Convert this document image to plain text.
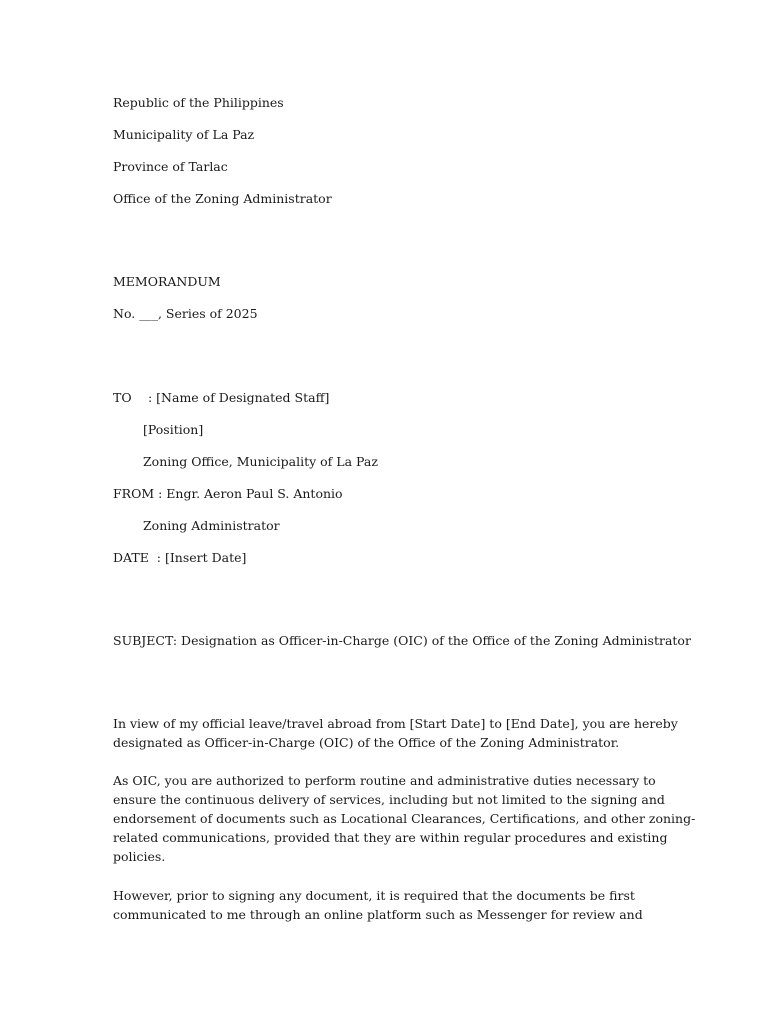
Republic of the Philippines
Municipality of La Paz
Province of Tarlac
Office of the Zoning Administrator
MEMORANDUM
No. ___, Series of 2025
TO : [Name of Designated Staff]
[Position]
Zoning Office, Municipality of La Paz
FROM : Engr. Aeron Paul S. Antonio
Zoning Administrator
DATE  : [Insert Date]
SUBJECT: Designation as Officer-in-Charge (OIC) of the Office of the Zoning Administrator
In view of my official leave/travel abroad from [Start Date] to [End Date], you are hereby
designated as Officer-in-Charge (OIC) of the Office of the Zoning Administrator.
As OIC, you are authorized to perform routine and administrative duties necessary to
ensure the continuous delivery of services, including but not limited to the signing and
endorsement of documents such as Locational Clearances, Certifications, and other zoning-
related communications, provided that they are within regular procedures and existing
policies.
However, prior to signing any document, it is required that the documents be first
communicated to me through an online platform such as Messenger for review and
